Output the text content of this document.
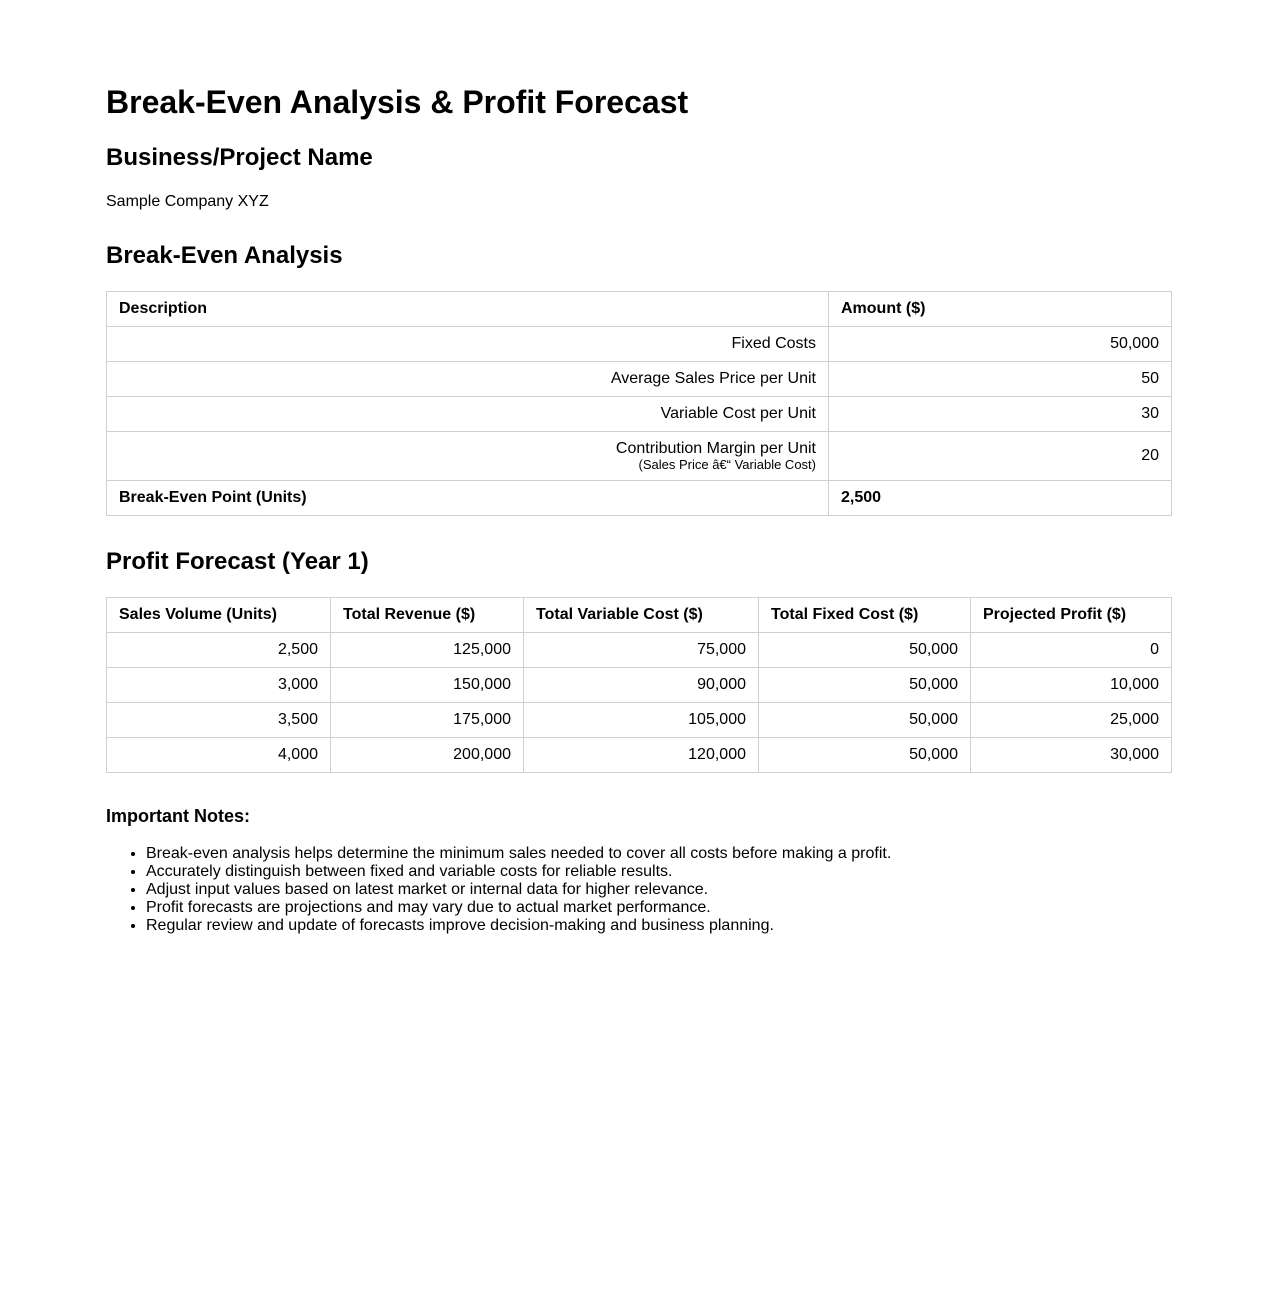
Break-Even Analysis & Profit Forecast
Business/Project Name
Sample Company XYZ
Break-Even Analysis
Description	Amount ($)
Fixed Costs	50,000
Average Sales Price per Unit	50
Variable Cost per Unit	30
Contribution Margin per Unit
(Sales Price â€“ Variable Cost)	20
Break-Even Point (Units)	2,500
Profit Forecast (Year 1)
Sales Volume (Units)	Total Revenue ($)	Total Variable Cost ($)	Total Fixed Cost ($)	Projected Profit ($)
2,500	125,000	75,000	50,000	0
3,000	150,000	90,000	50,000	10,000
3,500	175,000	105,000	50,000	25,000
4,000	200,000	120,000	50,000	30,000
Important Notes:
• Break-even analysis helps determine the minimum sales needed to cover all costs before making a profit.
• Accurately distinguish between fixed and variable costs for reliable results.
• Adjust input values based on latest market or internal data for higher relevance.
• Profit forecasts are projections and may vary due to actual market performance.
• Regular review and update of forecasts improve decision-making and business planning.
